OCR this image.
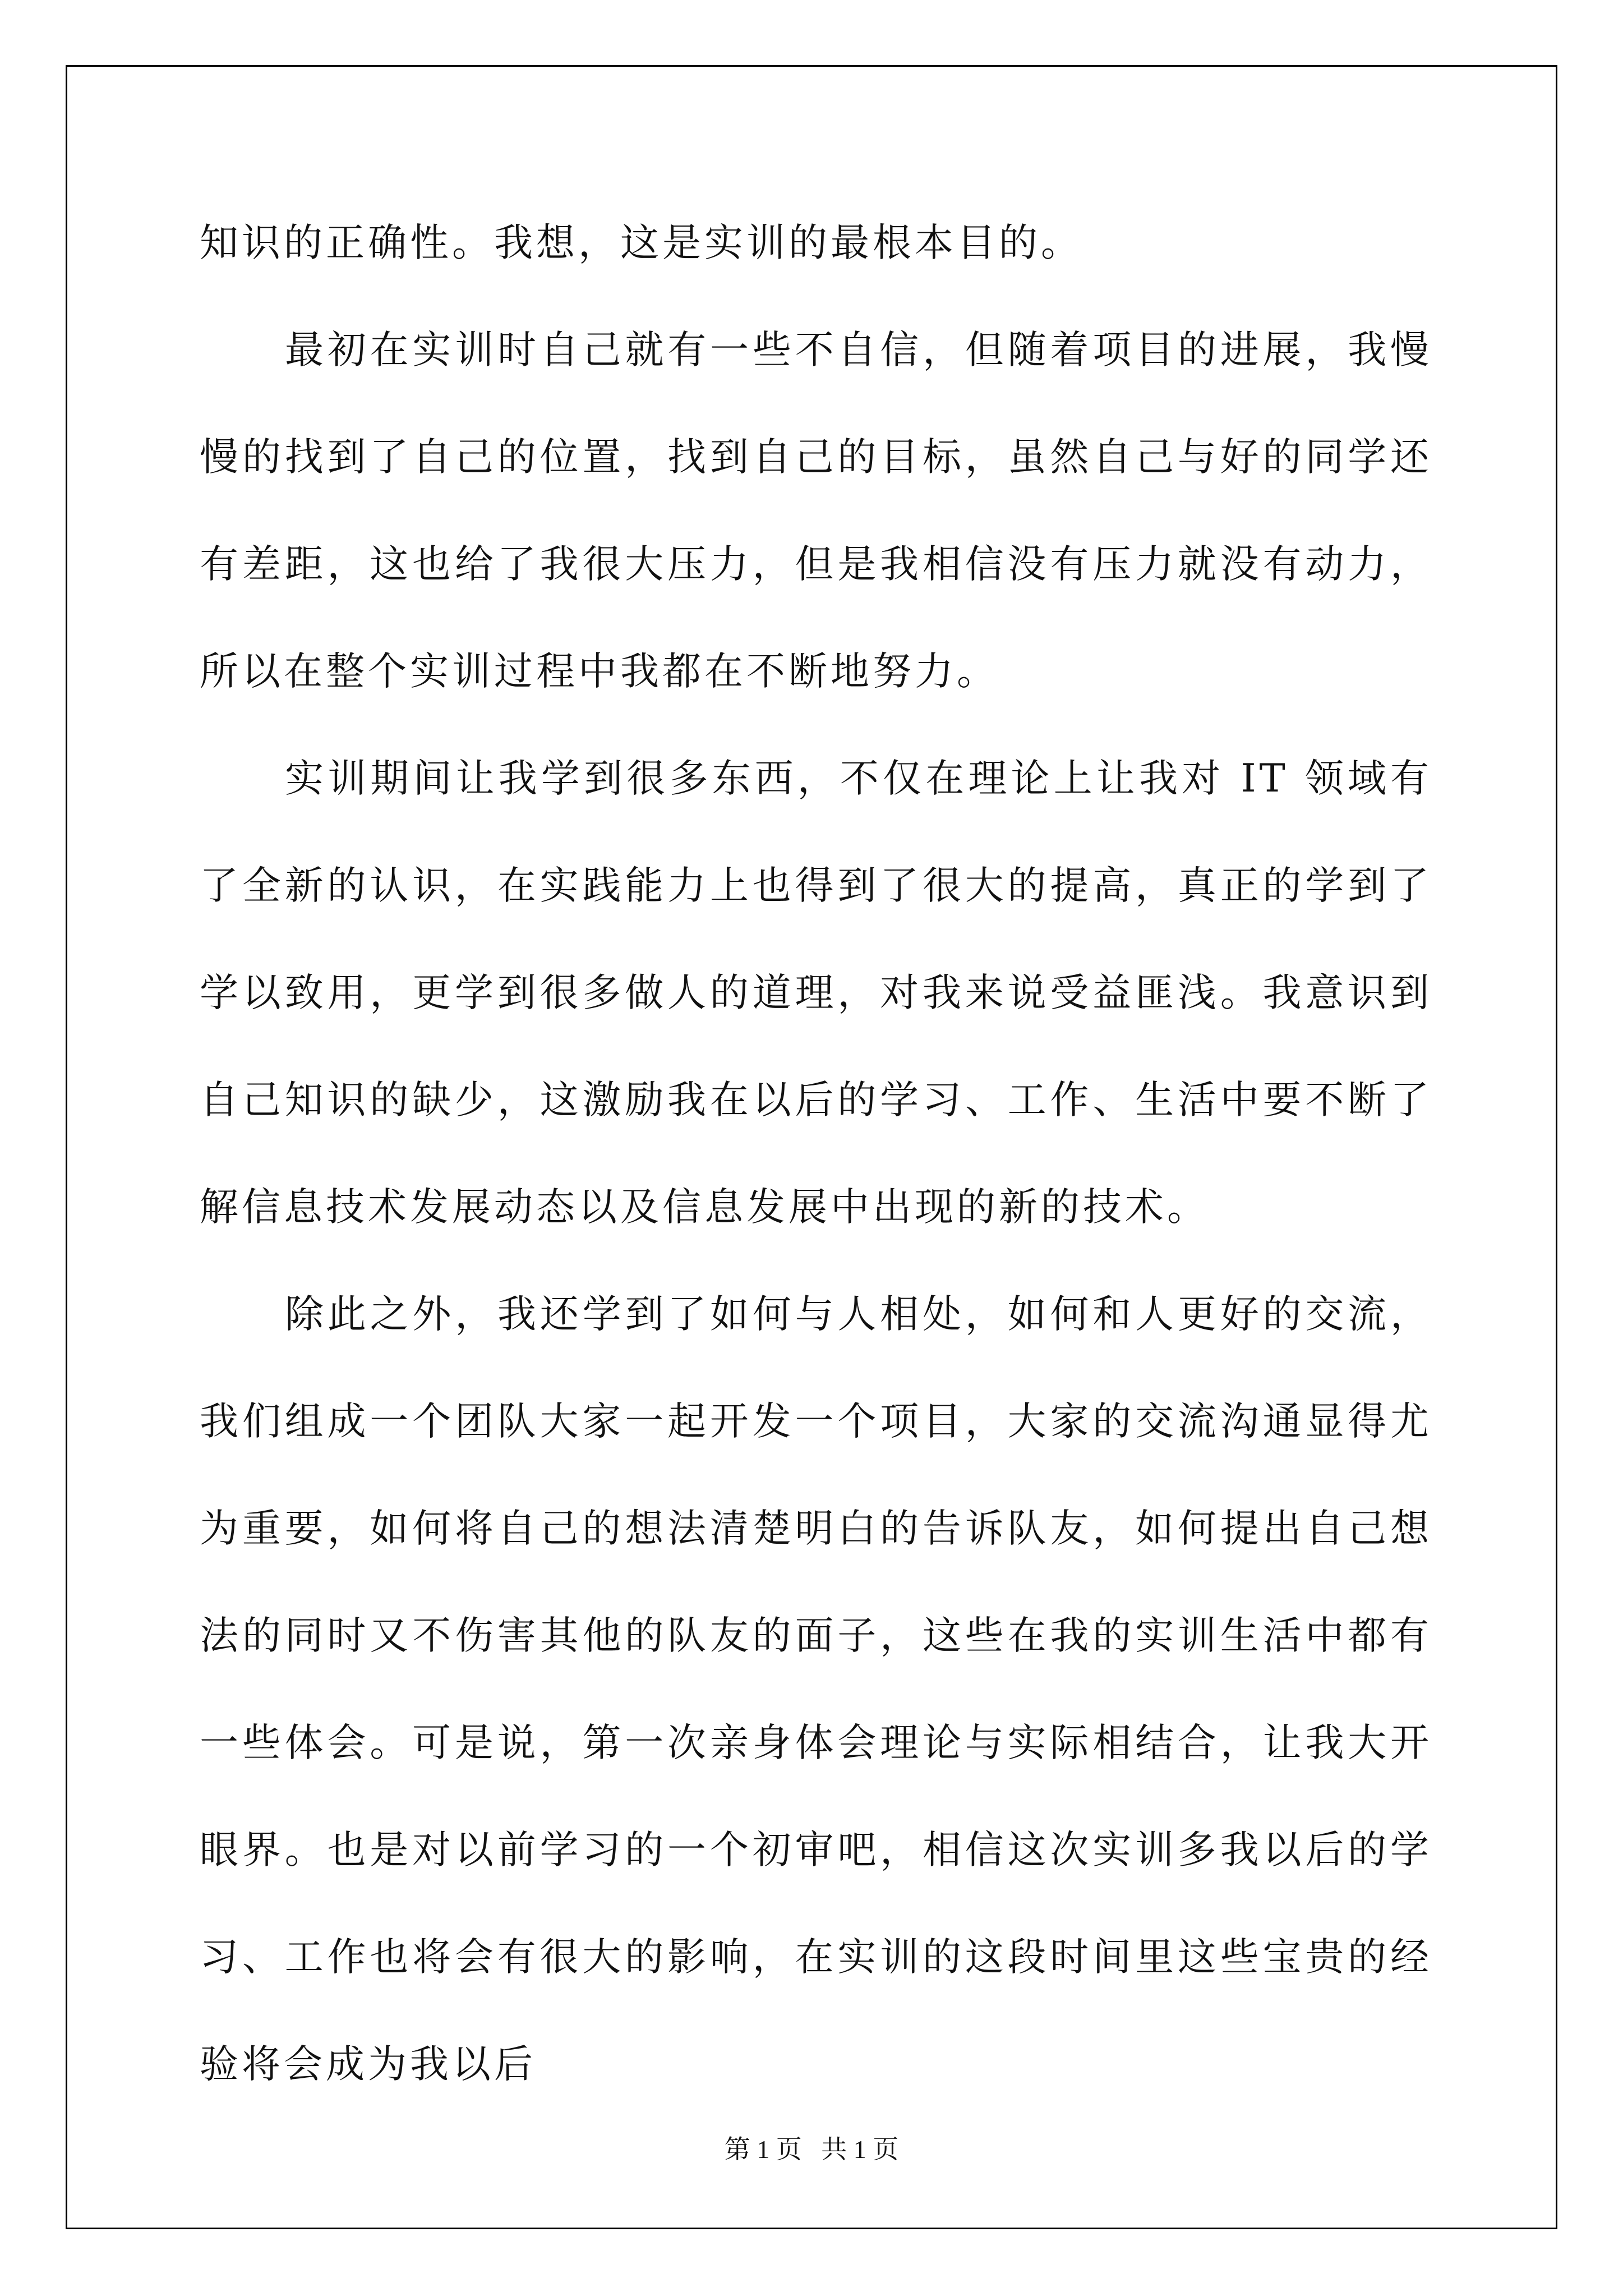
知识的正确性。我想，这是实训的最根本目的。

最初在实训时自己就有一些不自信，但随着项目的进展，我慢慢的找到了自己的位置，找到自己的目标，虽然自己与好的同学还有差距，这也给了我很大压力，但是我相信没有压力就没有动力，所以在整个实训过程中我都在不断地努力。

实训期间让我学到很多东西，不仅在理论上让我对 IT 领域有了全新的认识，在实践能力上也得到了很大的提高，真正的学到了学以致用，更学到很多做人的道理，对我来说受益匪浅。我意识到自己知识的缺少，这激励我在以后的学习、工作、生活中要不断了解信息技术发展动态以及信息发展中出现的新的技术。

除此之外，我还学到了如何与人相处，如何和人更好的交流，我们组成一个团队大家一起开发一个项目，大家的交流沟通显得尤为重要，如何将自己的想法清楚明白的告诉队友，如何提出自己想法的同时又不伤害其他的队友的面子，这些在我的实训生活中都有一些体会。可是说，第一次亲身体会理论与实际相结合，让我大开眼界。也是对以前学习的一个初审吧，相信这次实训多我以后的学习、工作也将会有很大的影响，在实训的这段时间里这些宝贵的经验将会成为我以后

第 1 页   共 1 页
